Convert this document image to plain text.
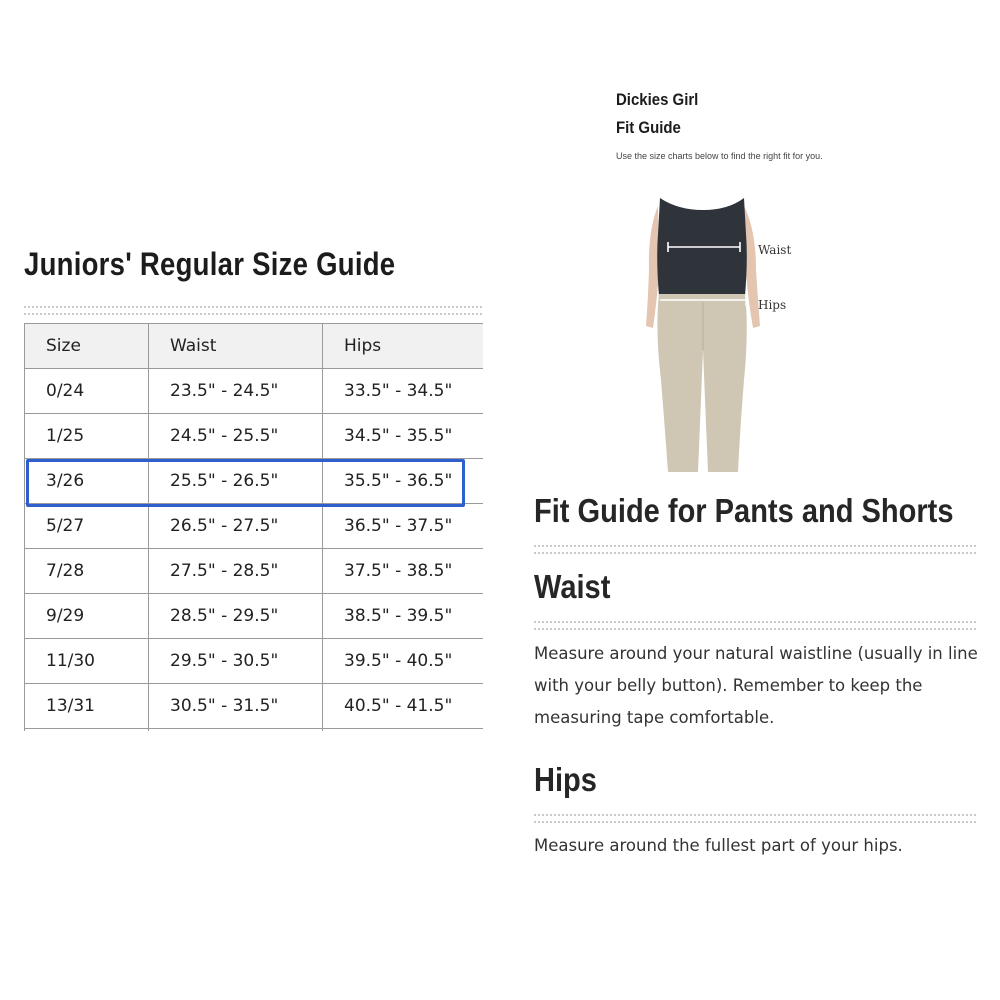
Juniors' Regular Size Guide
Size	Waist	Hips
0/24	23.5" - 24.5"	33.5" - 34.5"
1/25	24.5" - 25.5"	34.5" - 35.5"
3/26	25.5" - 26.5"	35.5" - 36.5"
5/27	26.5" - 27.5"	36.5" - 37.5"
7/28	27.5" - 28.5"	37.5" - 38.5"
9/29	28.5" - 29.5"	38.5" - 39.5"
11/30	29.5" - 30.5"	39.5" - 40.5"
13/31	30.5" - 31.5"	40.5" - 41.5"

Dickies Girl
Fit Guide

Use the size charts below to find the right fit for you.

Waist
Hips
Fit Guide for Pants and Shorts
Waist

Measure around your natural waistline (usually in line with your belly button). Remember to keep the measuring tape comfortable.

Hips

Measure around the fullest part of your hips.
